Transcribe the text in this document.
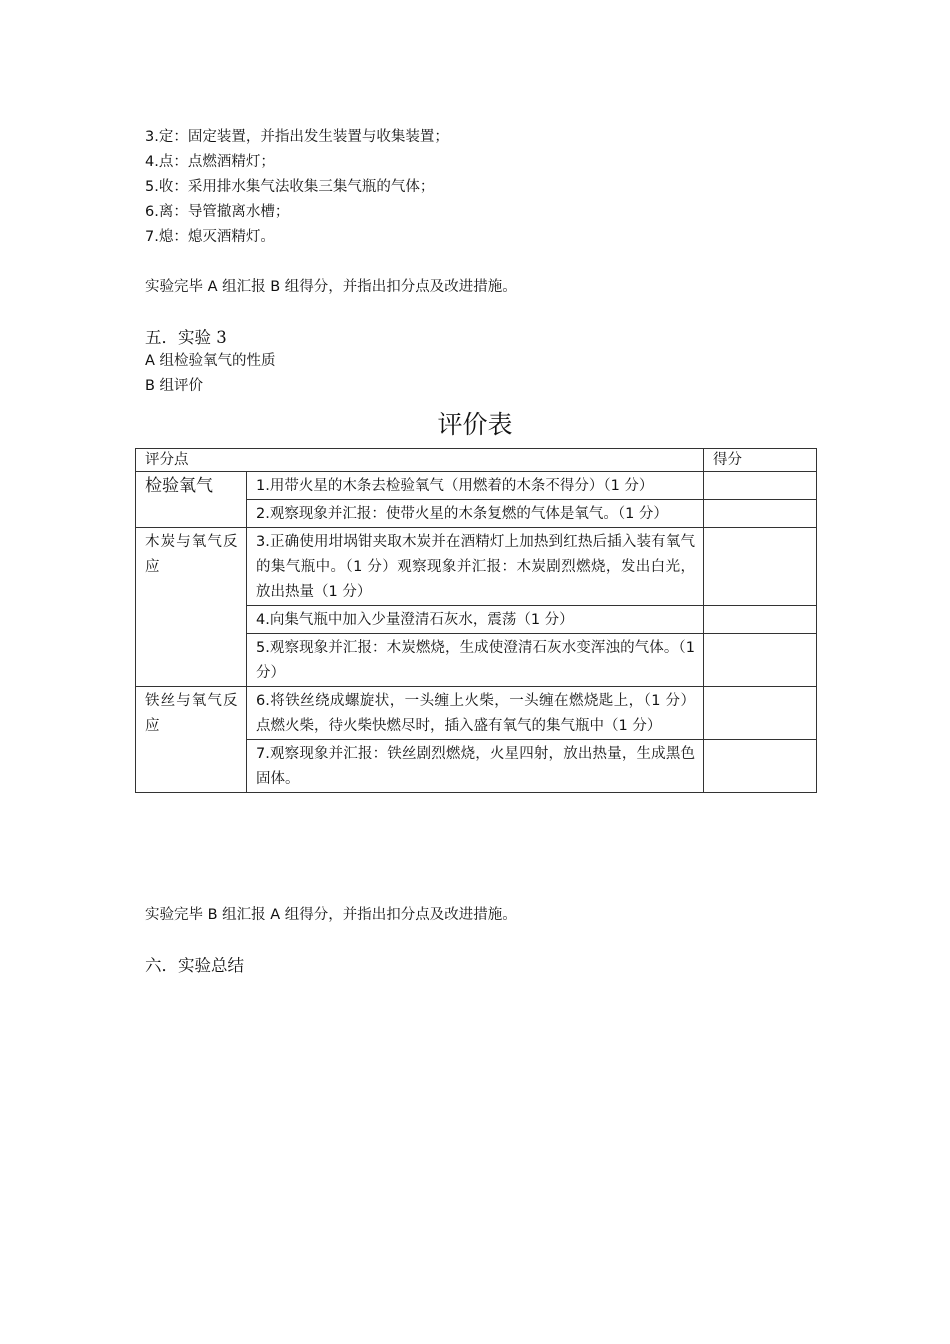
3.定：固定装置，并指出发生装置与收集装置；
4.点：点燃酒精灯；
5.收：采用排水集气法收集三集气瓶的气体；
6.离：导管撤离水槽；
7.熄：熄灭酒精灯。
实验完毕 A 组汇报 B 组得分，并指出扣分点及改进措施。
五．实验 3
A 组检验氧气的性质
B 组评价
评价表
评分点		得分
检验氧气	1.用带火星的木条去检验氧气（用燃着的木条不得分）（1 分）	
	2.观察现象并汇报：使带火星的木条复燃的气体是氧气。（1 分）	
木炭与氧气反应	3.正确使用坩埚钳夹取木炭并在酒精灯上加热到红热后插入装有氧气的集气瓶中。（1 分）观察现象并汇报：木炭剧烈燃烧，发出白光，放出热量（1 分）	
	4.向集气瓶中加入少量澄清石灰水，震荡（1 分）	
	5.观察现象并汇报：木炭燃烧，生成使澄清石灰水变浑浊的气体。（1 分）	
铁丝与氧气反应	6.将铁丝绕成螺旋状，一头缠上火柴，一头缠在燃烧匙上，（1 分）点燃火柴，待火柴快燃尽时，插入盛有氧气的集气瓶中（1 分）	
	7.观察现象并汇报：铁丝剧烈燃烧，火星四射，放出热量，生成黑色固体。	
实验完毕 B 组汇报 A 组得分，并指出扣分点及改进措施。
六．实验总结
